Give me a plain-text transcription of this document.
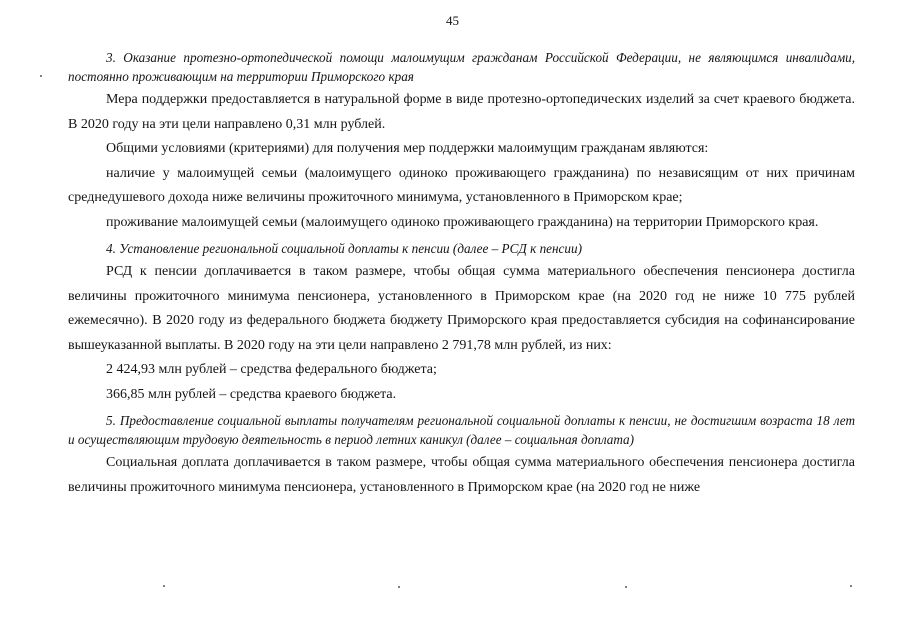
45

3. Оказание протезно-ортопедической помощи малоимущим гражданам Российской Федерации, не являющимся инвалидами, постоянно проживающим на территории Приморского края

Мера поддержки предоставляется в натуральной форме в виде протезно-ортопедических изделий за счет краевого бюджета. В 2020 году на эти цели направлено 0,31 млн рублей.

Общими условиями (критериями) для получения мер поддержки малоимущим гражданам являются:

наличие у малоимущей семьи (малоимущего одиноко проживающего гражданина) по независящим от них причинам среднедушевого дохода ниже величины прожиточного минимума, установленного в Приморском крае;

проживание малоимущей семьи (малоимущего одиноко проживающего гражданина) на территории Приморского края.

4. Установление региональной социальной доплаты к пенсии (далее – РСД к пенсии)

РСД к пенсии доплачивается в таком размере, чтобы общая сумма материального обеспечения пенсионера достигла величины прожиточного минимума пенсионера, установленного в Приморском крае (на 2020 год не ниже 10 775 рублей ежемесячно). В 2020 году из федерального бюджета бюджету Приморского края предоставляется субсидия на софинансирование вышеуказанной выплаты. В 2020 году на эти цели направлено 2 791,78 млн рублей, из них:

2 424,93 млн рублей – средства федерального бюджета;

366,85 млн рублей – средства краевого бюджета.

5. Предоставление социальной выплаты получателям региональной социальной доплаты к пенсии, не достигшим возраста 18 лет и осуществляющим трудовую деятельность в период летних каникул (далее – социальная доплата)

Социальная доплата доплачивается в таком размере, чтобы общая сумма материального обеспечения пенсионера достигла величины прожиточного минимума пенсионера, установленного в Приморском крае (на 2020 год не ниже
